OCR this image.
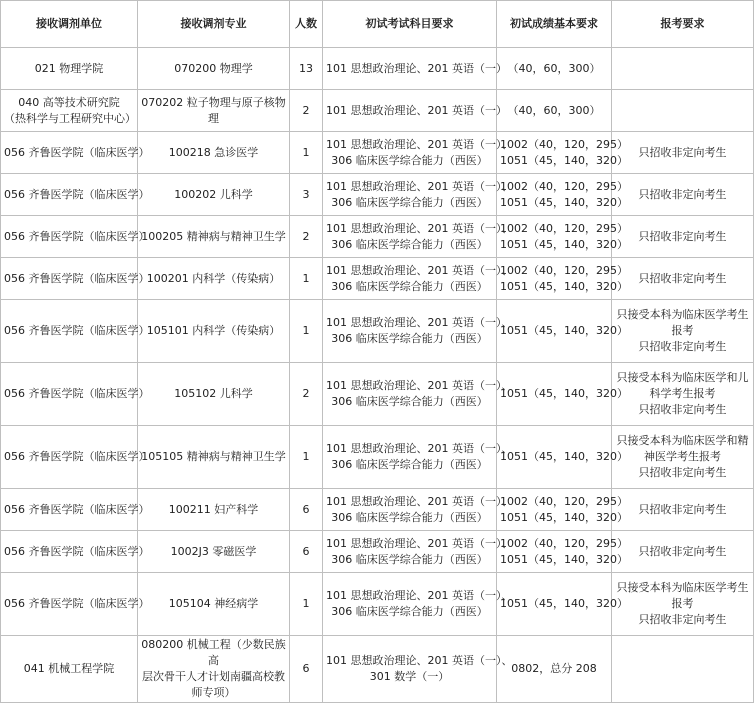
接收调剂单位	接收调剂专业	人数	初试考试科目要求	初试成绩基本要求	报考要求

021 物理学院	070200 物理学	13	101 思想政治理论、201 英语（一）	（40，60，300）	

040 高等技术研究院
（热科学与工程研究中心）	070202 粒子物理与原子核物理	2	101 思想政治理论、201 英语（一）	（40，60，300）	

056 齐鲁医学院（临床医学）	100218 急诊医学	1	101 思想政治理论、201 英语（一）、
306 临床医学综合能力（西医）	1002（40，120，295）
1051（45，140，320）	只招收非定向考生

056 齐鲁医学院（临床医学）	100202 儿科学	3	101 思想政治理论、201 英语（一）、
306 临床医学综合能力（西医）	1002（40，120，295）
1051（45，140，320）	只招收非定向考生

056 齐鲁医学院（临床医学）	100205 精神病与精神卫生学	2	101 思想政治理论、201 英语（一）、
306 临床医学综合能力（西医）	1002（40，120，295）
1051（45，140，320）	只招收非定向考生

056 齐鲁医学院（临床医学）	100201 内科学（传染病）	1	101 思想政治理论、201 英语（一）、
306 临床医学综合能力（西医）	1002（40，120，295）
1051（45，140，320）	只招收非定向考生

056 齐鲁医学院（临床医学）	105101 内科学（传染病）	1	101 思想政治理论、201 英语（一）、
306 临床医学综合能力（西医）	1051（45，140，320）	只接受本科为临床医学考生
报考
只招收非定向考生

056 齐鲁医学院（临床医学）	105102 儿科学	2	101 思想政治理论、201 英语（一）、
306 临床医学综合能力（西医）	1051（45，140，320）	只接受本科为临床医学和儿
科学考生报考
只招收非定向考生

056 齐鲁医学院（临床医学）	105105 精神病与精神卫生学	1	101 思想政治理论、201 英语（一）、
306 临床医学综合能力（西医）	1051（45，140，320）	只接受本科为临床医学和精
神医学考生报考
只招收非定向考生

056 齐鲁医学院（临床医学）	100211 妇产科学	6	101 思想政治理论、201 英语（一）、
306 临床医学综合能力（西医）	1002（40，120，295）
1051（45，140，320）	只招收非定向考生

056 齐鲁医学院（临床医学）	1002J3 零磁医学	6	101 思想政治理论、201 英语（一）、
306 临床医学综合能力（西医）	1002（40，120，295）
1051（45，140，320）	只招收非定向考生

056 齐鲁医学院（临床医学）	105104 神经病学	1	101 思想政治理论、201 英语（一）、
306 临床医学综合能力（西医）	1051（45，140，320）	只接受本科为临床医学考生
报考
只招收非定向考生

041 机械工程学院	080200 机械工程（少数民族高
层次骨干人才计划南疆高校教
师专项）	6	101 思想政治理论、201 英语（一）、
301 数学（一）	0802，总分 208	
